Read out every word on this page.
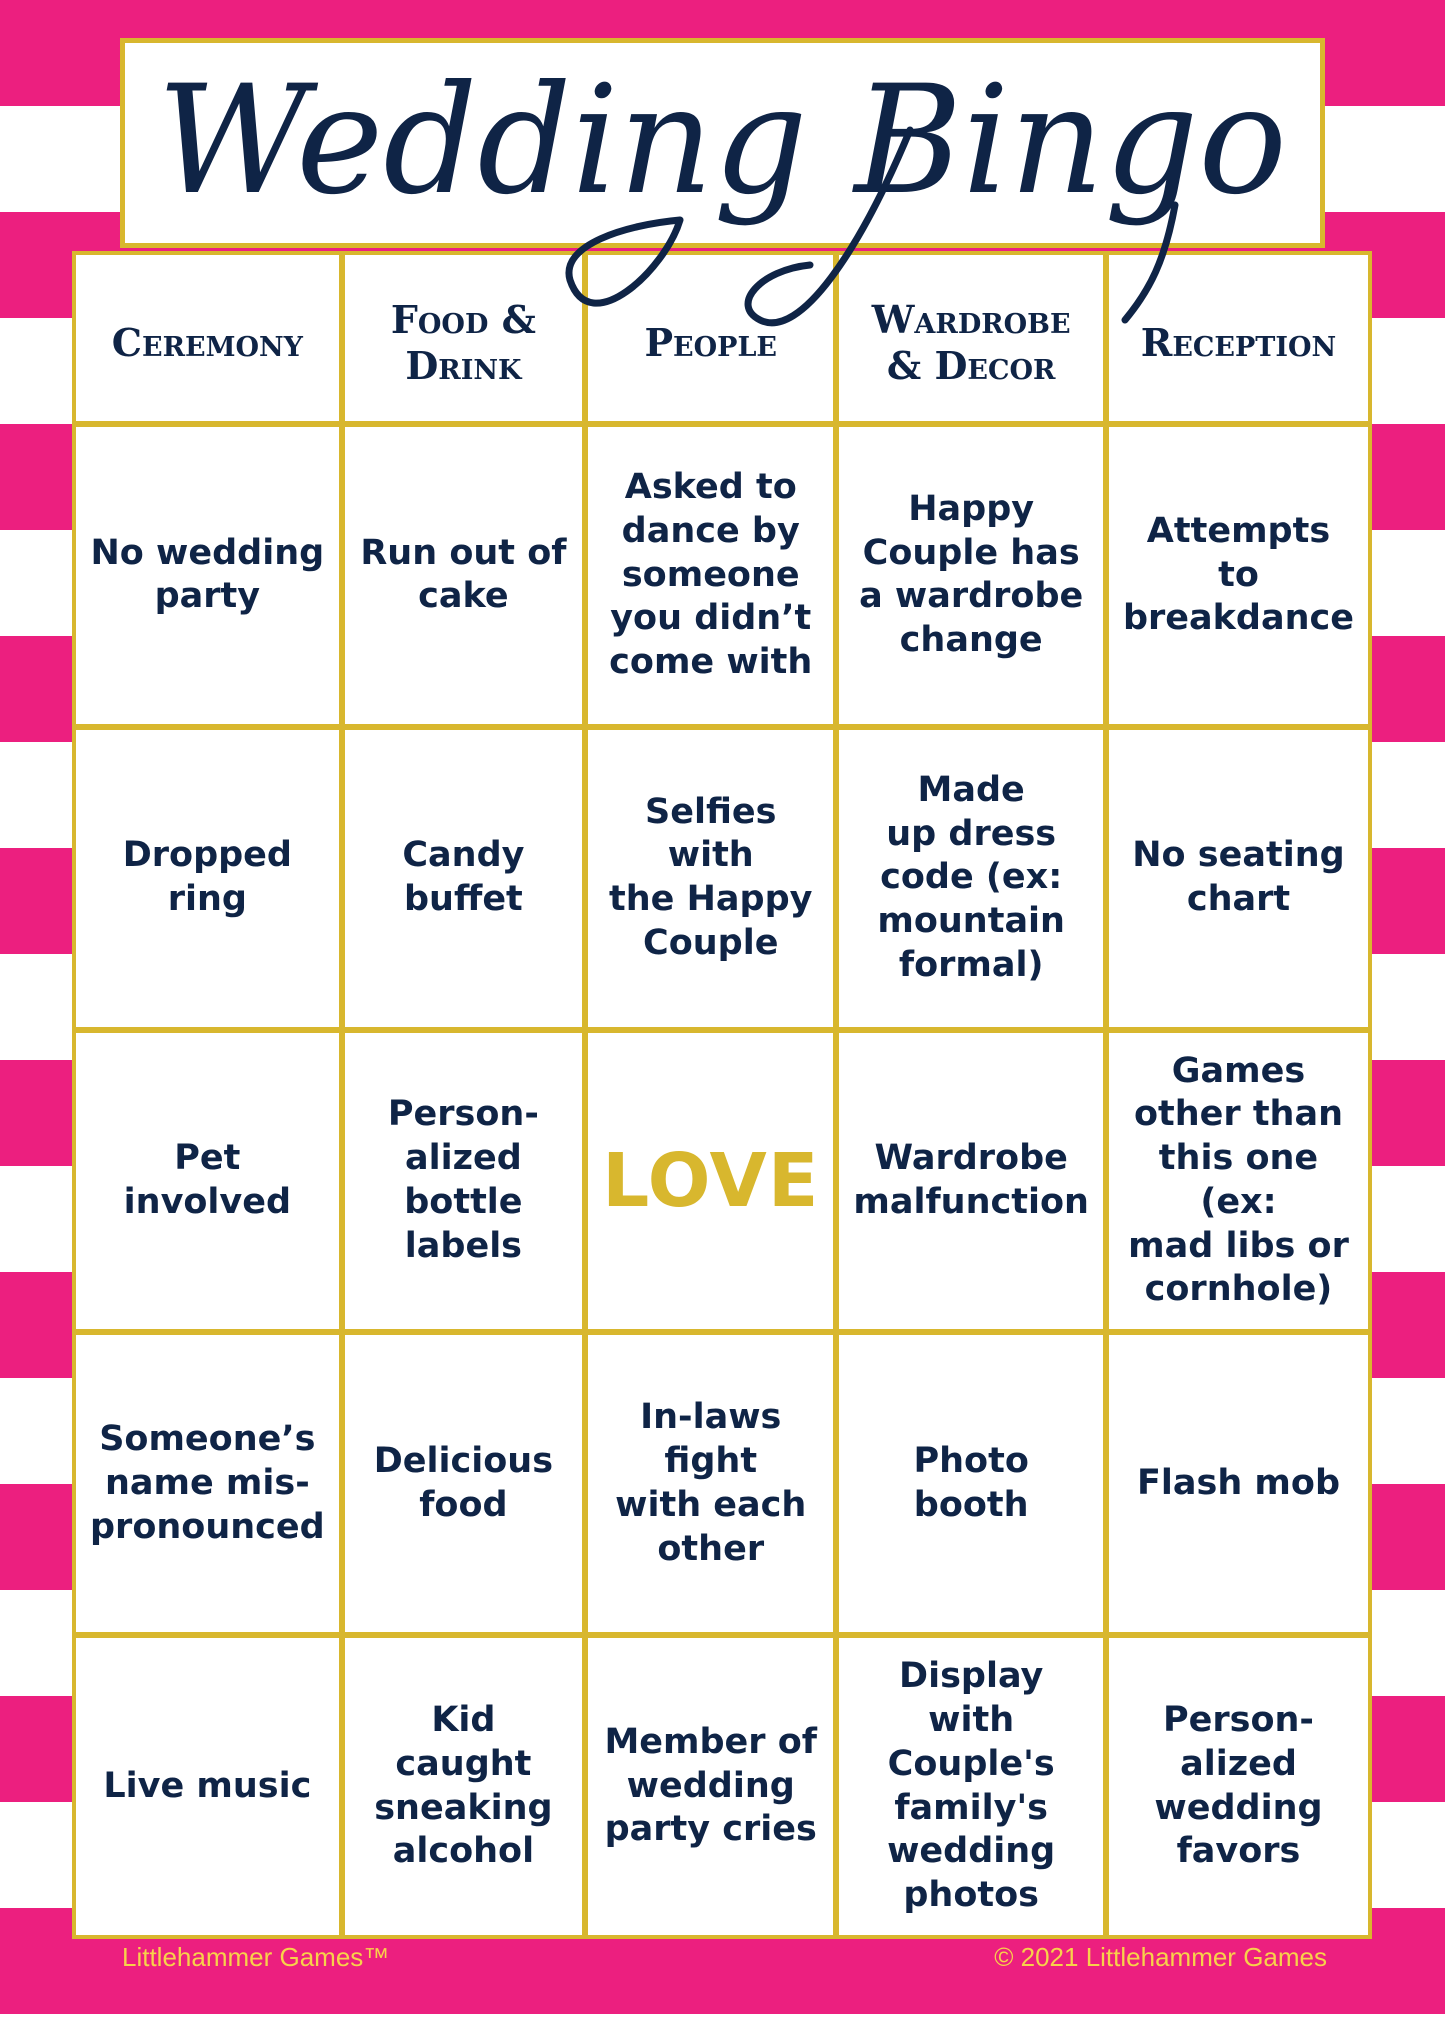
Wedding Bingo
Ceremony
Food &
Drink
People
Wardrobe
& Decor
Reception
No wedding
party
Run out of
cake
Asked to
dance by
someone
you didn’t
come with
Happy
Couple has
a wardrobe
change
Attempts to
breakdance
Dropped
ring
Candy
buffet
Selfies with
the Happy
Couple
Made
up dress
code (ex:
mountain
formal)
No seating
chart
Pet involved
Person-
alized
bottle labels
LOVE	Wardrobe
malfunction
Games
other than
this one (ex:
mad libs or
cornhole)
Someone’s
name mis-
pronounced
Delicious
food
In-laws fight
with each
other
Photo
booth
Flash mob
Live music
Kid caught
sneaking
alcohol
Member of
wedding
party cries
Display with
Couple's
family's
wedding
photos
Person-
alized
wedding
favors
Littlehammer Games™	© 2021 Littlehammer Games
